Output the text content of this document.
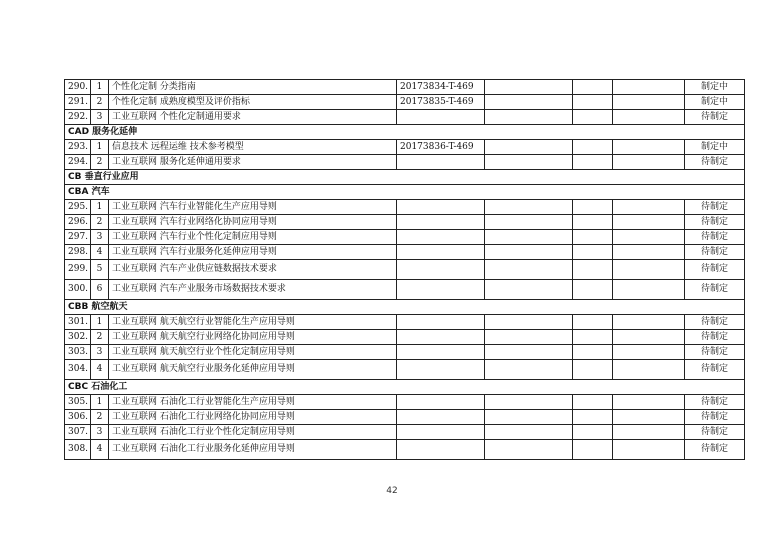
290.	1	个性化定制 分类指南	20173834-T-469				制定中
291.	2	个性化定制 成熟度模型及评价指标	20173835-T-469				制定中
292.	3	工业互联网 个性化定制通用要求					待制定
CAD 服务化延伸							
293.	1	信息技术 远程运维 技术参考模型	20173836-T-469				制定中
294.	2	工业互联网 服务化延伸通用要求					待制定
CB 垂直行业应用							
CBA 汽车							
295.	1	工业互联网 汽车行业智能化生产应用导则					待制定
296.	2	工业互联网 汽车行业网络化协同应用导则					待制定
297.	3	工业互联网 汽车行业个性化定制应用导则					待制定
298.	4	工业互联网 汽车行业服务化延伸应用导则					待制定
299.	5	工业互联网 汽车产业供应链数据技术要求					待制定
300.	6	工业互联网 汽车产业服务市场数据技术要求					待制定
CBB 航空航天							
301.	1	工业互联网 航天航空行业智能化生产应用导则					待制定
302.	2	工业互联网 航天航空行业网络化协同应用导则					待制定
303.	3	工业互联网 航天航空行业个性化定制应用导则					待制定
304.	4	工业互联网 航天航空行业服务化延伸应用导则					待制定
CBC 石油化工							
305.	1	工业互联网 石油化工行业智能化生产应用导则					待制定
306.	2	工业互联网 石油化工行业网络化协同应用导则					待制定
307.	3	工业互联网 石油化工行业个性化定制应用导则					待制定
308.	4	工业互联网 石油化工行业服务化延伸应用导则					待制定
42
